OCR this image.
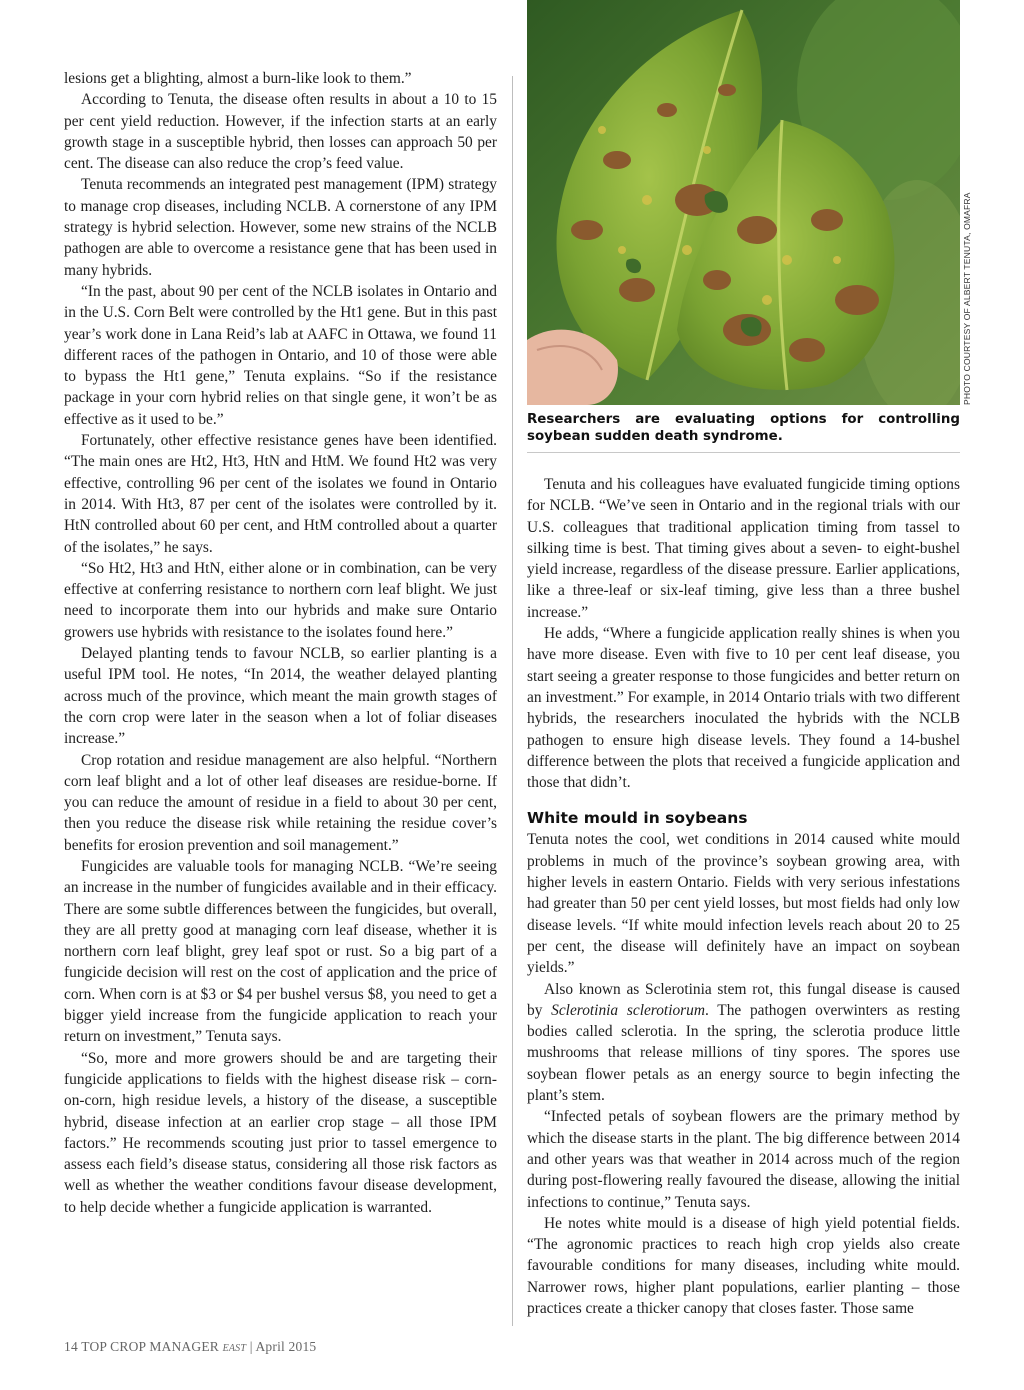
lesions get a blighting, almost a burn-like look to them.”

According to Tenuta, the disease often results in about a 10 to 15 per cent yield reduction. However, if the infection starts at an early growth stage in a susceptible hybrid, then losses can approach 50 per cent. The disease can also reduce the crop’s feed value.

Tenuta recommends an integrated pest management (IPM) strategy to manage crop diseases, including NCLB. A cornerstone of any IPM strategy is hybrid selection. However, some new strains of the NCLB pathogen are able to overcome a resistance gene that has been used in many hybrids.

“In the past, about 90 per cent of the NCLB isolates in Ontario and in the U.S. Corn Belt were controlled by the Ht1 gene. But in this past year’s work done in Lana Reid’s lab at AAFC in Ottawa, we found 11 different races of the pathogen in Ontario, and 10 of those were able to bypass the Ht1 gene,” Tenuta explains. “So if the resistance package in your corn hybrid relies on that single gene, it won’t be as effective as it used to be.”

Fortunately, other effective resistance genes have been identified. “The main ones are Ht2, Ht3, HtN and HtM. We found Ht2 was very effective, controlling 96 per cent of the isolates we found in Ontario in 2014. With Ht3, 87 per cent of the isolates were controlled by it. HtN controlled about 60 per cent, and HtM controlled about a quarter of the isolates,” he says.

“So Ht2, Ht3 and HtN, either alone or in combination, can be very effective at conferring resistance to northern corn leaf blight. We just need to incorporate them into our hybrids and make sure Ontario growers use hybrids with resistance to the isolates found here.”

Delayed planting tends to favour NCLB, so earlier planting is a useful IPM tool. He notes, “In 2014, the weather delayed planting across much of the province, which meant the main growth stages of the corn crop were later in the season when a lot of foliar diseases increase.”

Crop rotation and residue management are also helpful. “Northern corn leaf blight and a lot of other leaf diseases are residue-borne. If you can reduce the amount of residue in a field to about 30 per cent, then you reduce the disease risk while retaining the residue cover’s benefits for erosion prevention and soil management.”

Fungicides are valuable tools for managing NCLB. “We’re seeing an increase in the number of fungicides available and in their efficacy. There are some subtle differences between the fungicides, but overall, they are all pretty good at managing corn leaf disease, whether it is northern corn leaf blight, grey leaf spot or rust. So a big part of a fungicide decision will rest on the cost of application and the price of corn. When corn is at $3 or $4 per bushel versus $8, you need to get a bigger yield increase from the fungicide application to reach your return on investment,” Tenuta says.

“So, more and more growers should be and are targeting their fungicide applications to fields with the highest disease risk – corn-on-corn, high residue levels, a history of the disease, a susceptible hybrid, disease infection at an earlier crop stage – all those IPM factors.” He recommends scouting just prior to tassel emergence to assess each field’s disease status, considering all those risk factors as well as whether the weather conditions favour disease development, to help decide whether a fungicide application is warranted.

PHOTO COURTESY OF ALBERT TENUTA, OMAFRA
Researchers are evaluating options for controlling soybean sudden death syndrome.

Tenuta and his colleagues have evaluated fungicide timing options for NCLB. “We’ve seen in Ontario and in the regional trials with our U.S. colleagues that traditional application timing from tassel to silking time is best. That timing gives about a seven- to eight-bushel yield increase, regardless of the disease pressure. Earlier applications, like a three-leaf or six-leaf timing, give less than a three bushel increase.”

He adds, “Where a fungicide application really shines is when you have more disease. Even with five to 10 per cent leaf disease, you start seeing a greater response to those fungicides and better return on an investment.” For example, in 2014 Ontario trials with two different hybrids, the researchers inoculated the hybrids with the NCLB pathogen to ensure high disease levels. They found a 14-bushel difference between the plots that received a fungicide application and those that didn’t.

White mould in soybeans

Tenuta notes the cool, wet conditions in 2014 caused white mould problems in much of the province’s soybean growing area, with higher levels in eastern Ontario. Fields with very serious infestations had greater than 50 per cent yield losses, but most fields had only low disease levels. “If white mould infection levels reach about 20 to 25 per cent, the disease will definitely have an impact on soybean yields.”

Also known as Sclerotinia stem rot, this fungal disease is caused by Sclerotinia sclerotiorum. The pathogen overwinters as resting bodies called sclerotia. In the spring, the sclerotia produce little mushrooms that release millions of tiny spores. The spores use soybean flower petals as an energy source to begin infecting the plant’s stem.

“Infected petals of soybean flowers are the primary method by which the disease starts in the plant. The big difference between 2014 and other years was that weather in 2014 across much of the region during post-flowering really favoured the disease, allowing the initial infections to continue,” Tenuta says.

He notes white mould is a disease of high yield potential fields. “The agronomic practices to reach high crop yields also create favourable conditions for many diseases, including white mould. Narrower rows, higher plant populations, earlier planting – those practices create a thicker canopy that closes faster. Those same

14 TOP CROP MANAGER EAST | April 2015
